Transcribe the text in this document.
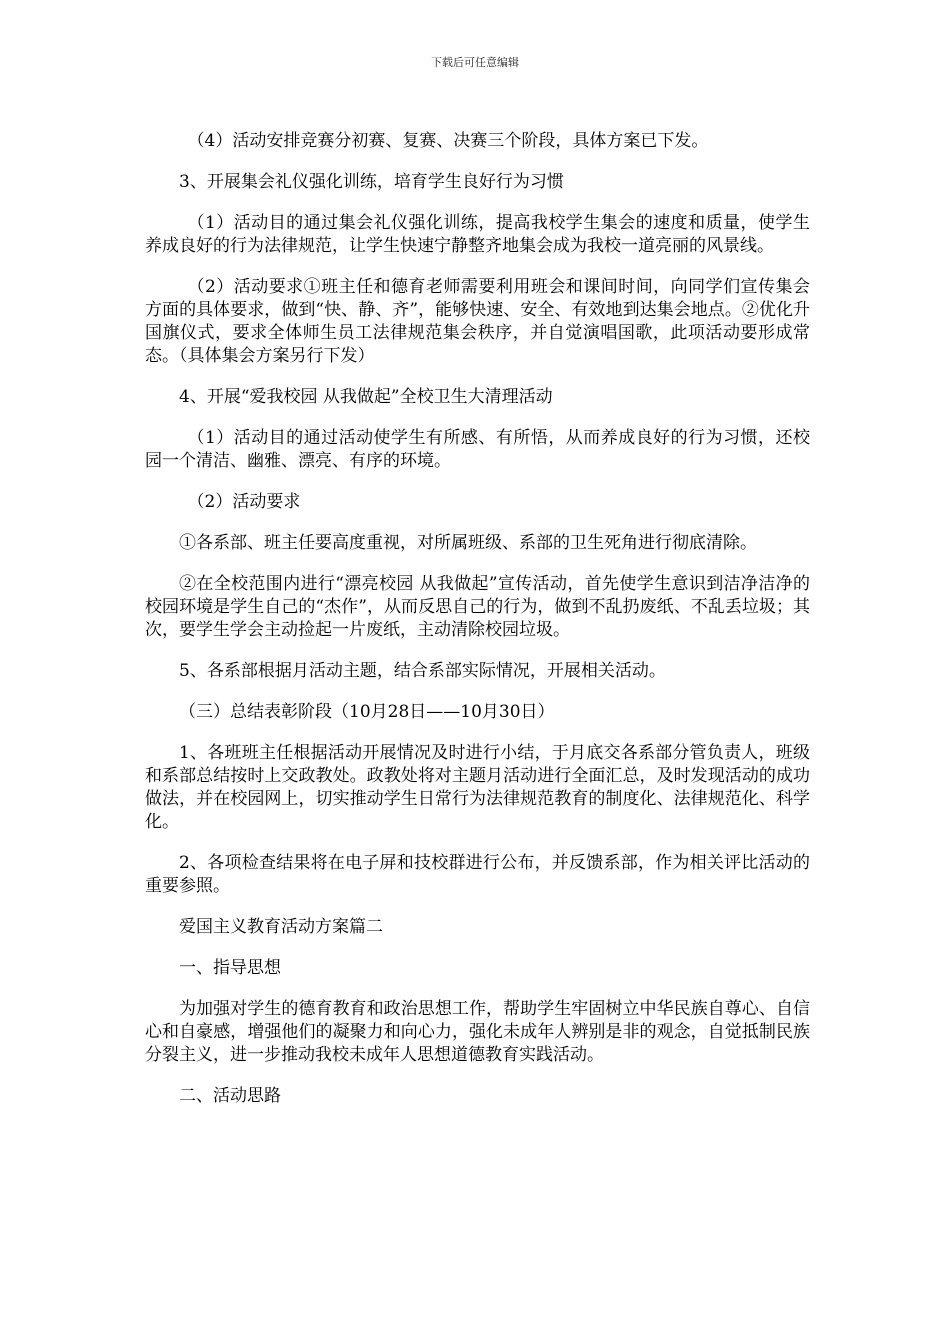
下载后可任意编辑

（4）活动安排竞赛分初赛、复赛、决赛三个阶段，具体方案已下发。

3、开展集会礼仪强化训练，培育学生良好行为习惯

（1）活动目的通过集会礼仪强化训练，提高我校学生集会的速度和质量，使学生养成良好的行为法律规范，让学生快速宁静整齐地集会成为我校一道亮丽的风景线。

（2）活动要求①班主任和德育老师需要利用班会和课间时间，向同学们宣传集会方面的具体要求，做到“快、静、齐”，能够快速、安全、有效地到达集会地点。②优化升国旗仪式，要求全体师生员工法律规范集会秩序，并自觉演唱国歌，此项活动要形成常态。（具体集会方案另行下发）

4、开展“爱我校园 从我做起”全校卫生大清理活动

（1）活动目的通过活动使学生有所感、有所悟，从而养成良好的行为习惯，还校园一个清洁、幽雅、漂亮、有序的环境。

（2）活动要求

①各系部、班主任要高度重视，对所属班级、系部的卫生死角进行彻底清除。

②在全校范围内进行“漂亮校园 从我做起”宣传活动，首先使学生意识到洁净洁净的校园环境是学生自己的“杰作”，从而反思自己的行为，做到不乱扔废纸、不乱丢垃圾；其次，要学生学会主动捡起一片废纸，主动清除校园垃圾。

5、各系部根据月活动主题，结合系部实际情况，开展相关活动。

（三）总结表彰阶段（10月28日——10月30日）

1、各班班主任根据活动开展情况及时进行小结，于月底交各系部分管负责人，班级和系部总结按时上交政教处。政教处将对主题月活动进行全面汇总，及时发现活动的成功做法，并在校园网上，切实推动学生日常行为法律规范教育的制度化、法律规范化、科学化。

2、各项检查结果将在电子屏和技校群进行公布，并反馈系部，作为相关评比活动的重要参照。

爱国主义教育活动方案篇二

一、指导思想

为加强对学生的德育教育和政治思想工作，帮助学生牢固树立中华民族自尊心、自信心和自豪感，增强他们的凝聚力和向心力，强化未成年人辨别是非的观念，自觉抵制民族分裂主义，进一步推动我校未成年人思想道德教育实践活动。

二、活动思路
